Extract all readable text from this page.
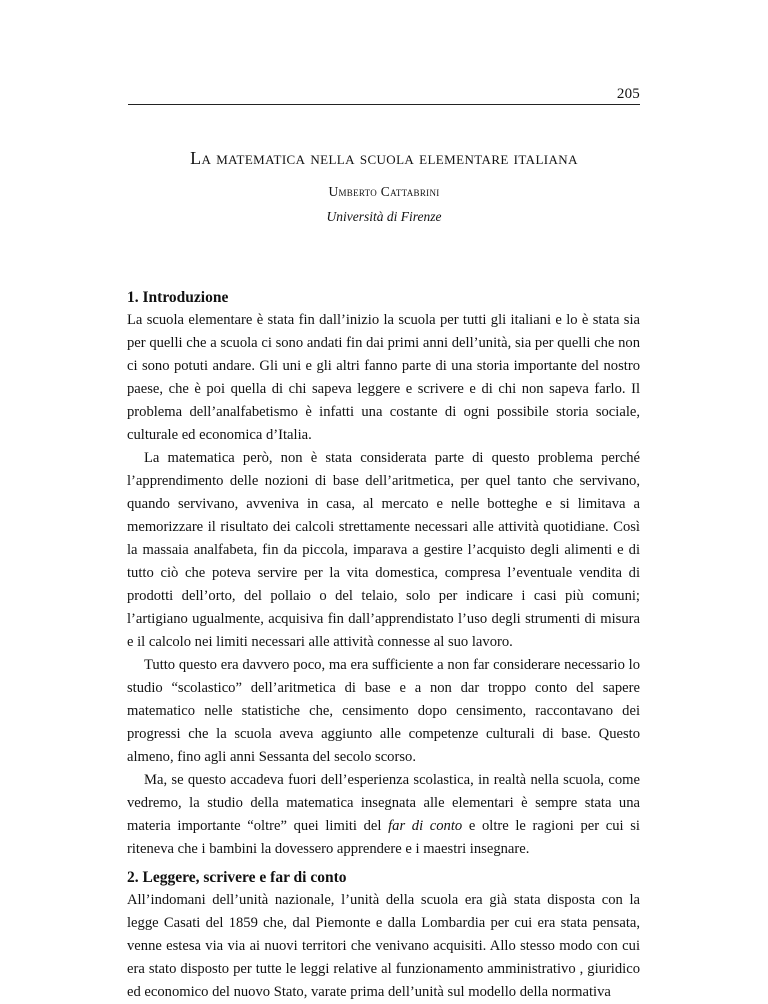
205
La matematica nella scuola elementare italiana
Umberto Cattabrini
Università di Firenze
1. Introduzione

La scuola elementare è stata fin dall’inizio la scuola per tutti gli italiani e lo è stata sia per quelli che a scuola ci sono andati fin dai primi anni dell’unità, sia per quelli che non ci sono potuti andare. Gli uni e gli altri fanno parte di una storia importante del nostro paese, che è poi quella di chi sapeva leggere e scrivere e di chi non sapeva farlo. Il problema dell’analfabetismo è infatti una costante di ogni possibile storia sociale, culturale ed economica d’Italia.

La matematica però, non è stata considerata parte di questo problema perché l’apprendimento delle nozioni di base dell’aritmetica, per quel tanto che servivano, quando servivano, avveniva in casa, al mercato e nelle botteghe e si limitava a memorizzare il risultato dei calcoli strettamente necessari alle attività quotidiane. Così la massaia analfabeta, fin da piccola, imparava a gestire l’acquisto degli alimenti e di tutto ciò che poteva servire per la vita domestica, compresa l’eventuale vendita di prodotti dell’orto, del pollaio o del telaio, solo per indicare i casi più comuni; l’artigiano ugualmente, acquisiva fin dall’apprendistato l’uso degli strumenti di misura e il calcolo nei limiti necessari alle attività connesse al suo lavoro.

Tutto questo era davvero poco, ma era sufficiente a non far considerare necessario lo studio “scolastico” dell’aritmetica di base e a non dar troppo conto del sapere matematico nelle statistiche che, censimento dopo censimento, raccontavano dei progressi che la scuola aveva aggiunto alle competenze culturali di base. Questo almeno, fino agli anni Sessanta del secolo scorso.

Ma, se questo accadeva fuori dell’esperienza scolastica, in realtà nella scuola, come vedremo, la studio della matematica insegnata alle elementari è sempre stata una materia importante “oltre” quei limiti del far di conto e oltre le ragioni per cui si riteneva che i bambini la dovessero apprendere e i maestri insegnare.

2. Leggere, scrivere e far di conto

All’indomani dell’unità nazionale, l’unità della scuola era già stata disposta con la legge Casati del 1859 che, dal Piemonte e dalla Lombardia per cui era stata pensata, venne estesa via via ai nuovi territori che venivano acquisiti. Allo stesso modo con cui era stato disposto per tutte le leggi relative al funzionamento amministrativo , giuridico ed economico del nuovo Stato, varate prima dell’unità sul modello della normativa
